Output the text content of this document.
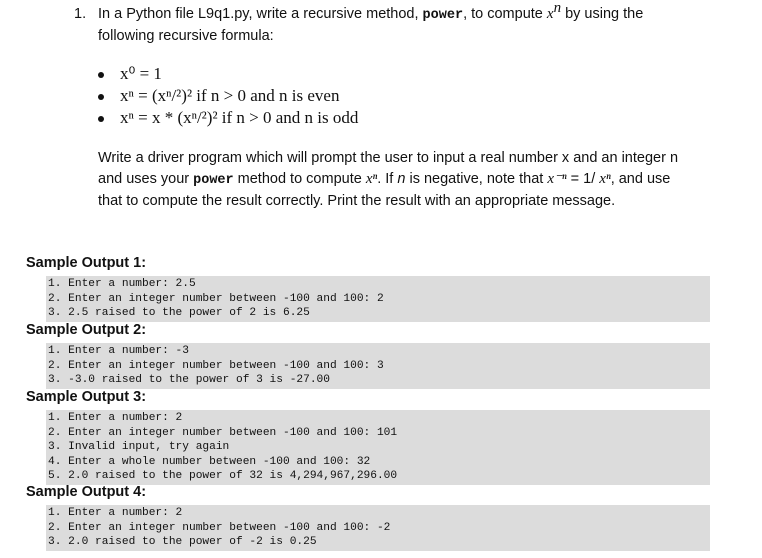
1. In a Python file L9q1.py, write a recursive method, power, to compute $x^n$ by using the
following recursive formula:
x⁰ = 1
xⁿ = (xⁿ/²)² if n > 0 and n is even
xⁿ = x * (xⁿ/²)² if n > 0 and n is odd
Write a driver program which will prompt the user to input a real number x and an integer n
and uses your power method to compute xⁿ. If n is negative, note that x⁻ⁿ = 1/ xⁿ, and use
that to compute the result correctly. Print the result with an appropriate message.
Sample Output 1:
1. Enter a number: 2.5
2. Enter an integer number between -100 and 100: 2
3. 2.5 raised to the power of 2 is 6.25
Sample Output 2:
1. Enter a number: -3
2. Enter an integer number between -100 and 100: 3
3. -3.0 raised to the power of 3 is -27.00
Sample Output 3:
1. Enter a number: 2
2. Enter an integer number between -100 and 100: 101
3. Invalid input, try again
4. Enter a whole number between -100 and 100: 32
5. 2.0 raised to the power of 32 is 4,294,967,296.00
Sample Output 4:
1. Enter a number: 2
2. Enter an integer number between -100 and 100: -2
3. 2.0 raised to the power of -2 is 0.25
